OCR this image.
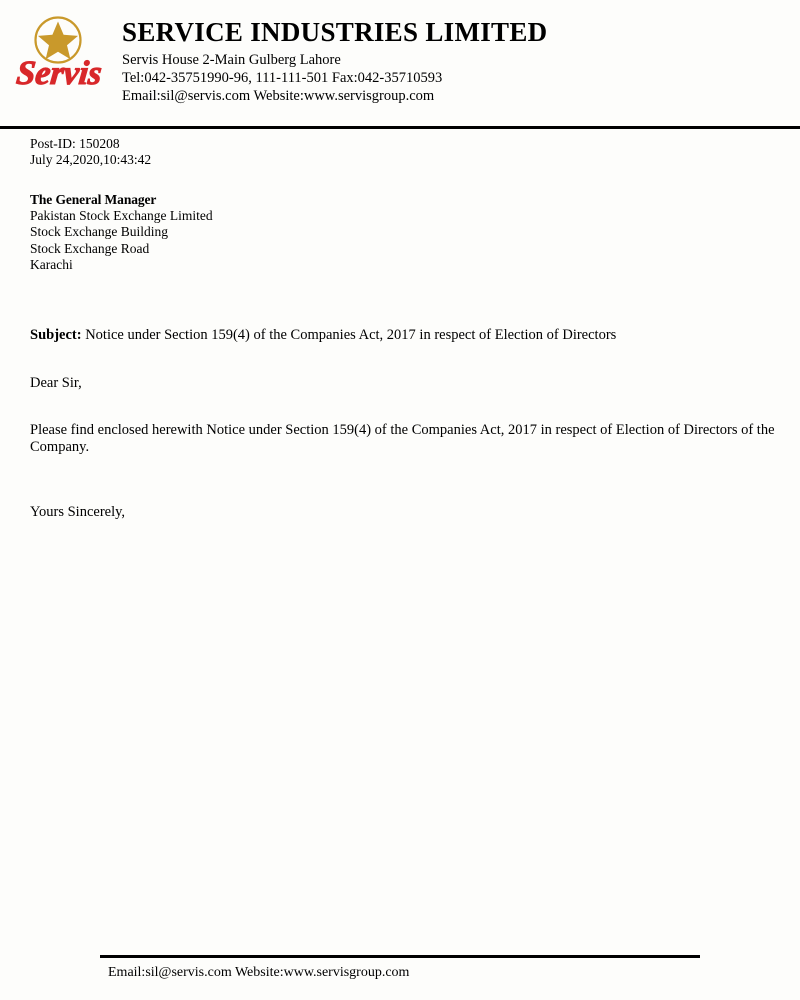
Servis
SERVICE INDUSTRIES LIMITED
Servis House 2-Main Gulberg Lahore
Tel:042-35751990-96, 111-111-501 Fax:042-35710593
Email:sil@servis.com Website:www.servisgroup.com
Post-ID: 150208
July 24,2020,10:43:42
The General Manager
Pakistan Stock Exchange Limited
Stock Exchange Building
Stock Exchange Road
Karachi
Subject: Notice under Section 159(4) of the Companies Act, 2017 in respect of Election of Directors
Dear Sir,
Please find enclosed herewith Notice under Section 159(4) of the Companies Act, 2017 in respect of Election of Directors of the Company.
Yours Sincerely,
Email:sil@servis.com Website:www.servisgroup.com
